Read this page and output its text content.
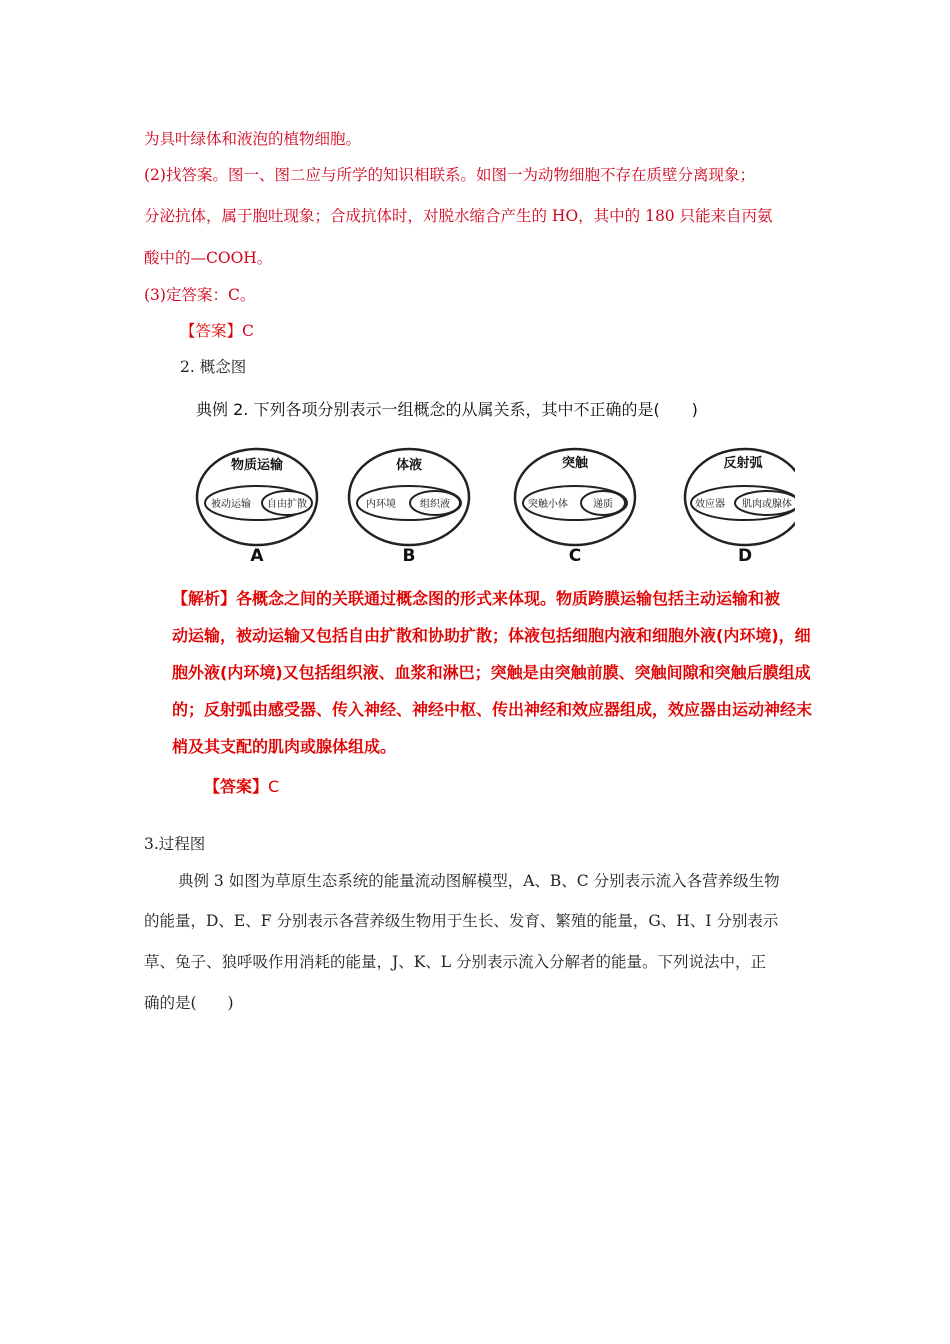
为具叶绿体和液泡的植物细胞。
(2)找答案。图一、图二应与所学的知识相联系。如图一为动物细胞不存在质壁分离现象；
分泌抗体，属于胞吐现象；合成抗体时，对脱水缩合产生的 HO，其中的 180 只能来自丙氨
酸中的—COOH。
(3)定答案：C。
【答案】C
2. 概念图
典例 2. 下列各项分别表示一组概念的从属关系，其中不正确的是(　　)
物质运输
被动运输 自由扩散
A
体液
内环境 组织液
B
突触
突触小体	递质
C
反射弧
效应器 肌肉或腺体
D
【解析】各概念之间的关联通过概念图的形式来体现。物质跨膜运输包括主动运输和被
动运输，被动运输又包括自由扩散和协助扩散；体液包括细胞内液和细胞外液(内环境)，细
胞外液(内环境)又包括组织液、血浆和淋巴；突触是由突触前膜、突触间隙和突触后膜组成
的；反射弧由感受器、传入神经、神经中枢、传出神经和效应器组成，效应器由运动神经末
梢及其支配的肌肉或腺体组成。
【答案】C
3.过程图
典例 3 如图为草原生态系统的能量流动图解模型，A、B、C 分别表示流入各营养级生物
的能量，D、E、F 分别表示各营养级生物用于生长、发育、繁殖的能量，G、H、I 分别表示
草、兔子、狼呼吸作用消耗的能量，J、K、L 分别表示流入分解者的能量。下列说法中，正
确的是(　　)
